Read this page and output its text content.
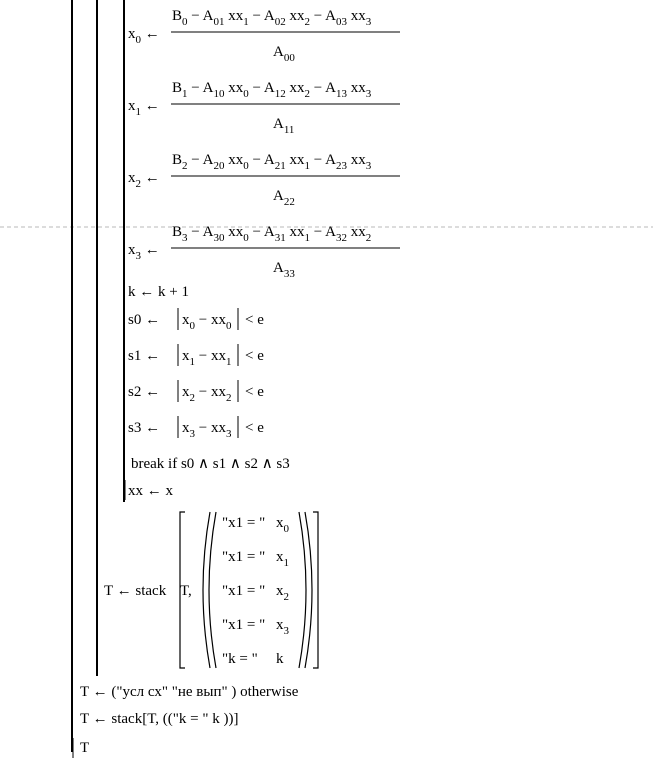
$x_0$ ←
$B_0 - A_{01}$ $xx_1 - A_{02}$ $xx_2 - A_{03}$ $xx_3$
$A_{00}$
$x_1$ ←
$B_1 - A_{10}$ $xx_0 - A_{12}$ $xx_2 - A_{13}$ $xx_3$
$A_{11}$
$x_2$ ←
$B_2 - A_{20}$ $xx_0 - A_{21}$ $xx_1 - A_{23}$ $xx_3$
$A_{22}$
$x_3$ ←
$B_3 - A_{30}$ $xx_0 - A_{31}$ $xx_1 - A_{32}$ $xx_2$
$A_{33}$
s0 ← $x_0 - xx_0 < e$
s1 ← $x_1 - xx_1 < e$
s2 ← $x_2 - xx_2 < e$
s3 ← $x_3 - xx_3 < e$
k ← k + 1
break if s0 ∧ s1 ∧ s2 ∧ s3
xx ← x
T ← stack T,
"x1 = " $x_0$
"x1 = " $x_1$
"x1 = " $x_2$
"x1 = " $x_3$
"k = " k
T ← ("усл сх" "не вып" ) otherwise
T ← stack[T, (("k = " k ))]
T
